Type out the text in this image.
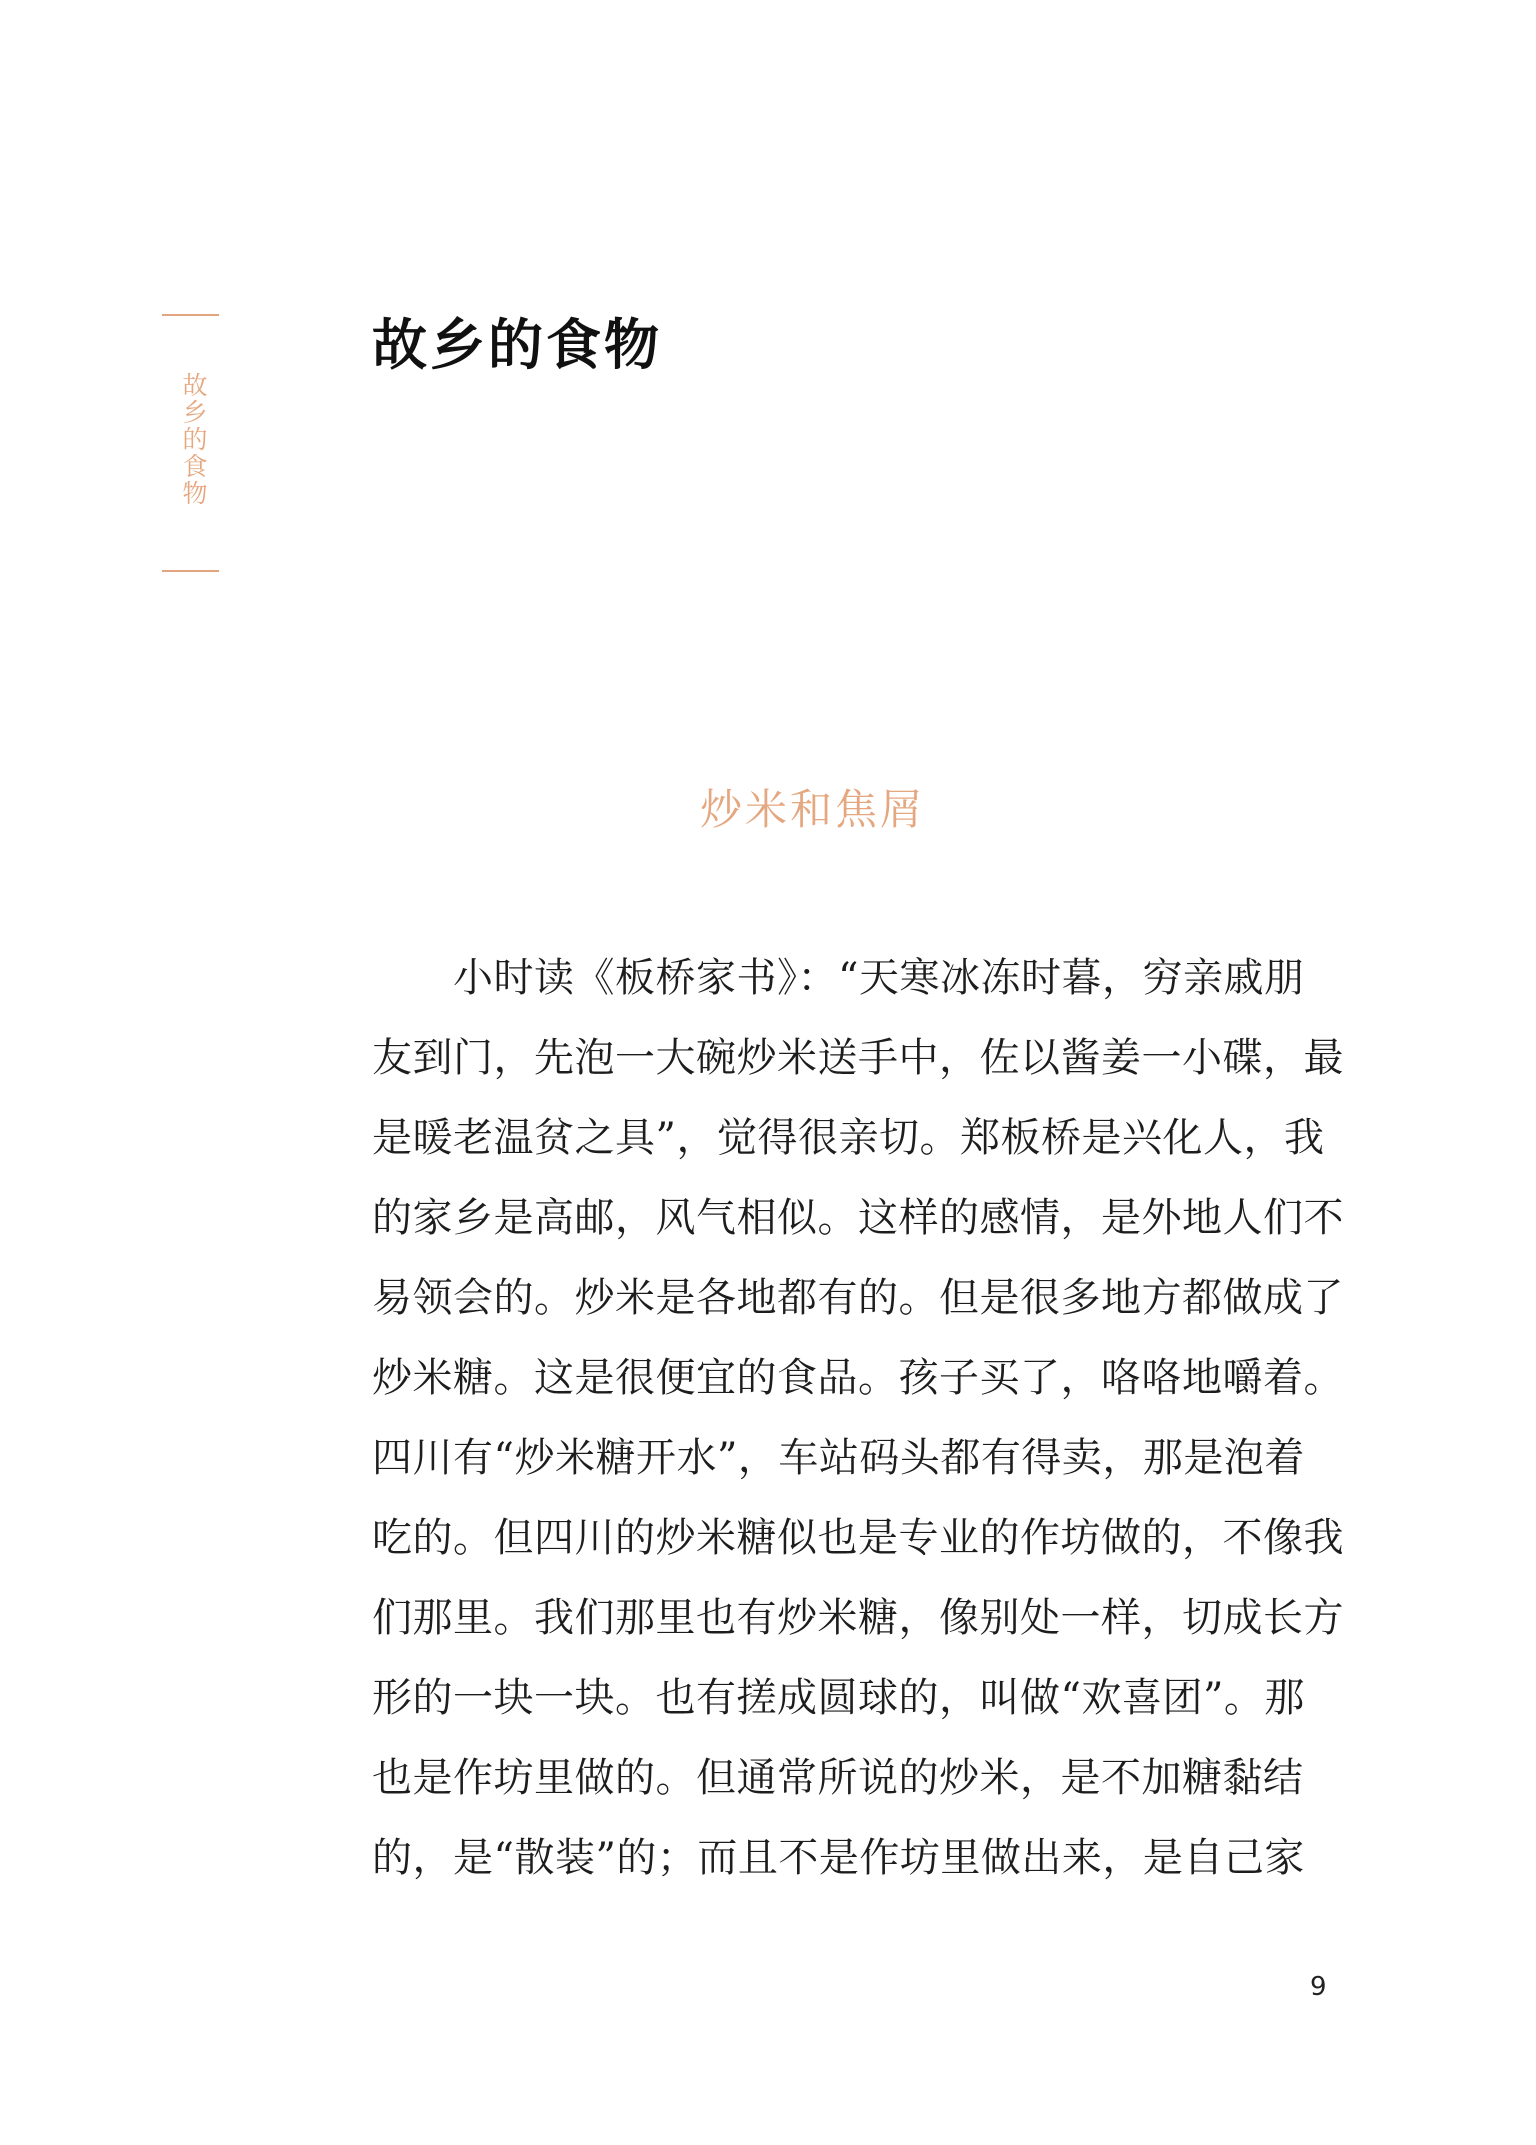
故乡的食物
故乡的食物
炒米和焦屑
　　小时读《板桥家书》：“天寒冰冻时暮，穷亲戚朋
友到门，先泡一大碗炒米送手中，佐以酱姜一小碟，最
是暖老温贫之具”，觉得很亲切。郑板桥是兴化人，我
的家乡是高邮，风气相似。这样的感情，是外地人们不
易领会的。炒米是各地都有的。但是很多地方都做成了
炒米糖。这是很便宜的食品。孩子买了，咯咯地嚼着。
四川有“炒米糖开水”，车站码头都有得卖，那是泡着
吃的。但四川的炒米糖似也是专业的作坊做的，不像我
们那里。我们那里也有炒米糖，像别处一样，切成长方
形的一块一块。也有搓成圆球的，叫做“欢喜团”。那
也是作坊里做的。但通常所说的炒米，是不加糖黏结
的，是“散装”的；而且不是作坊里做出来，是自己家
9
